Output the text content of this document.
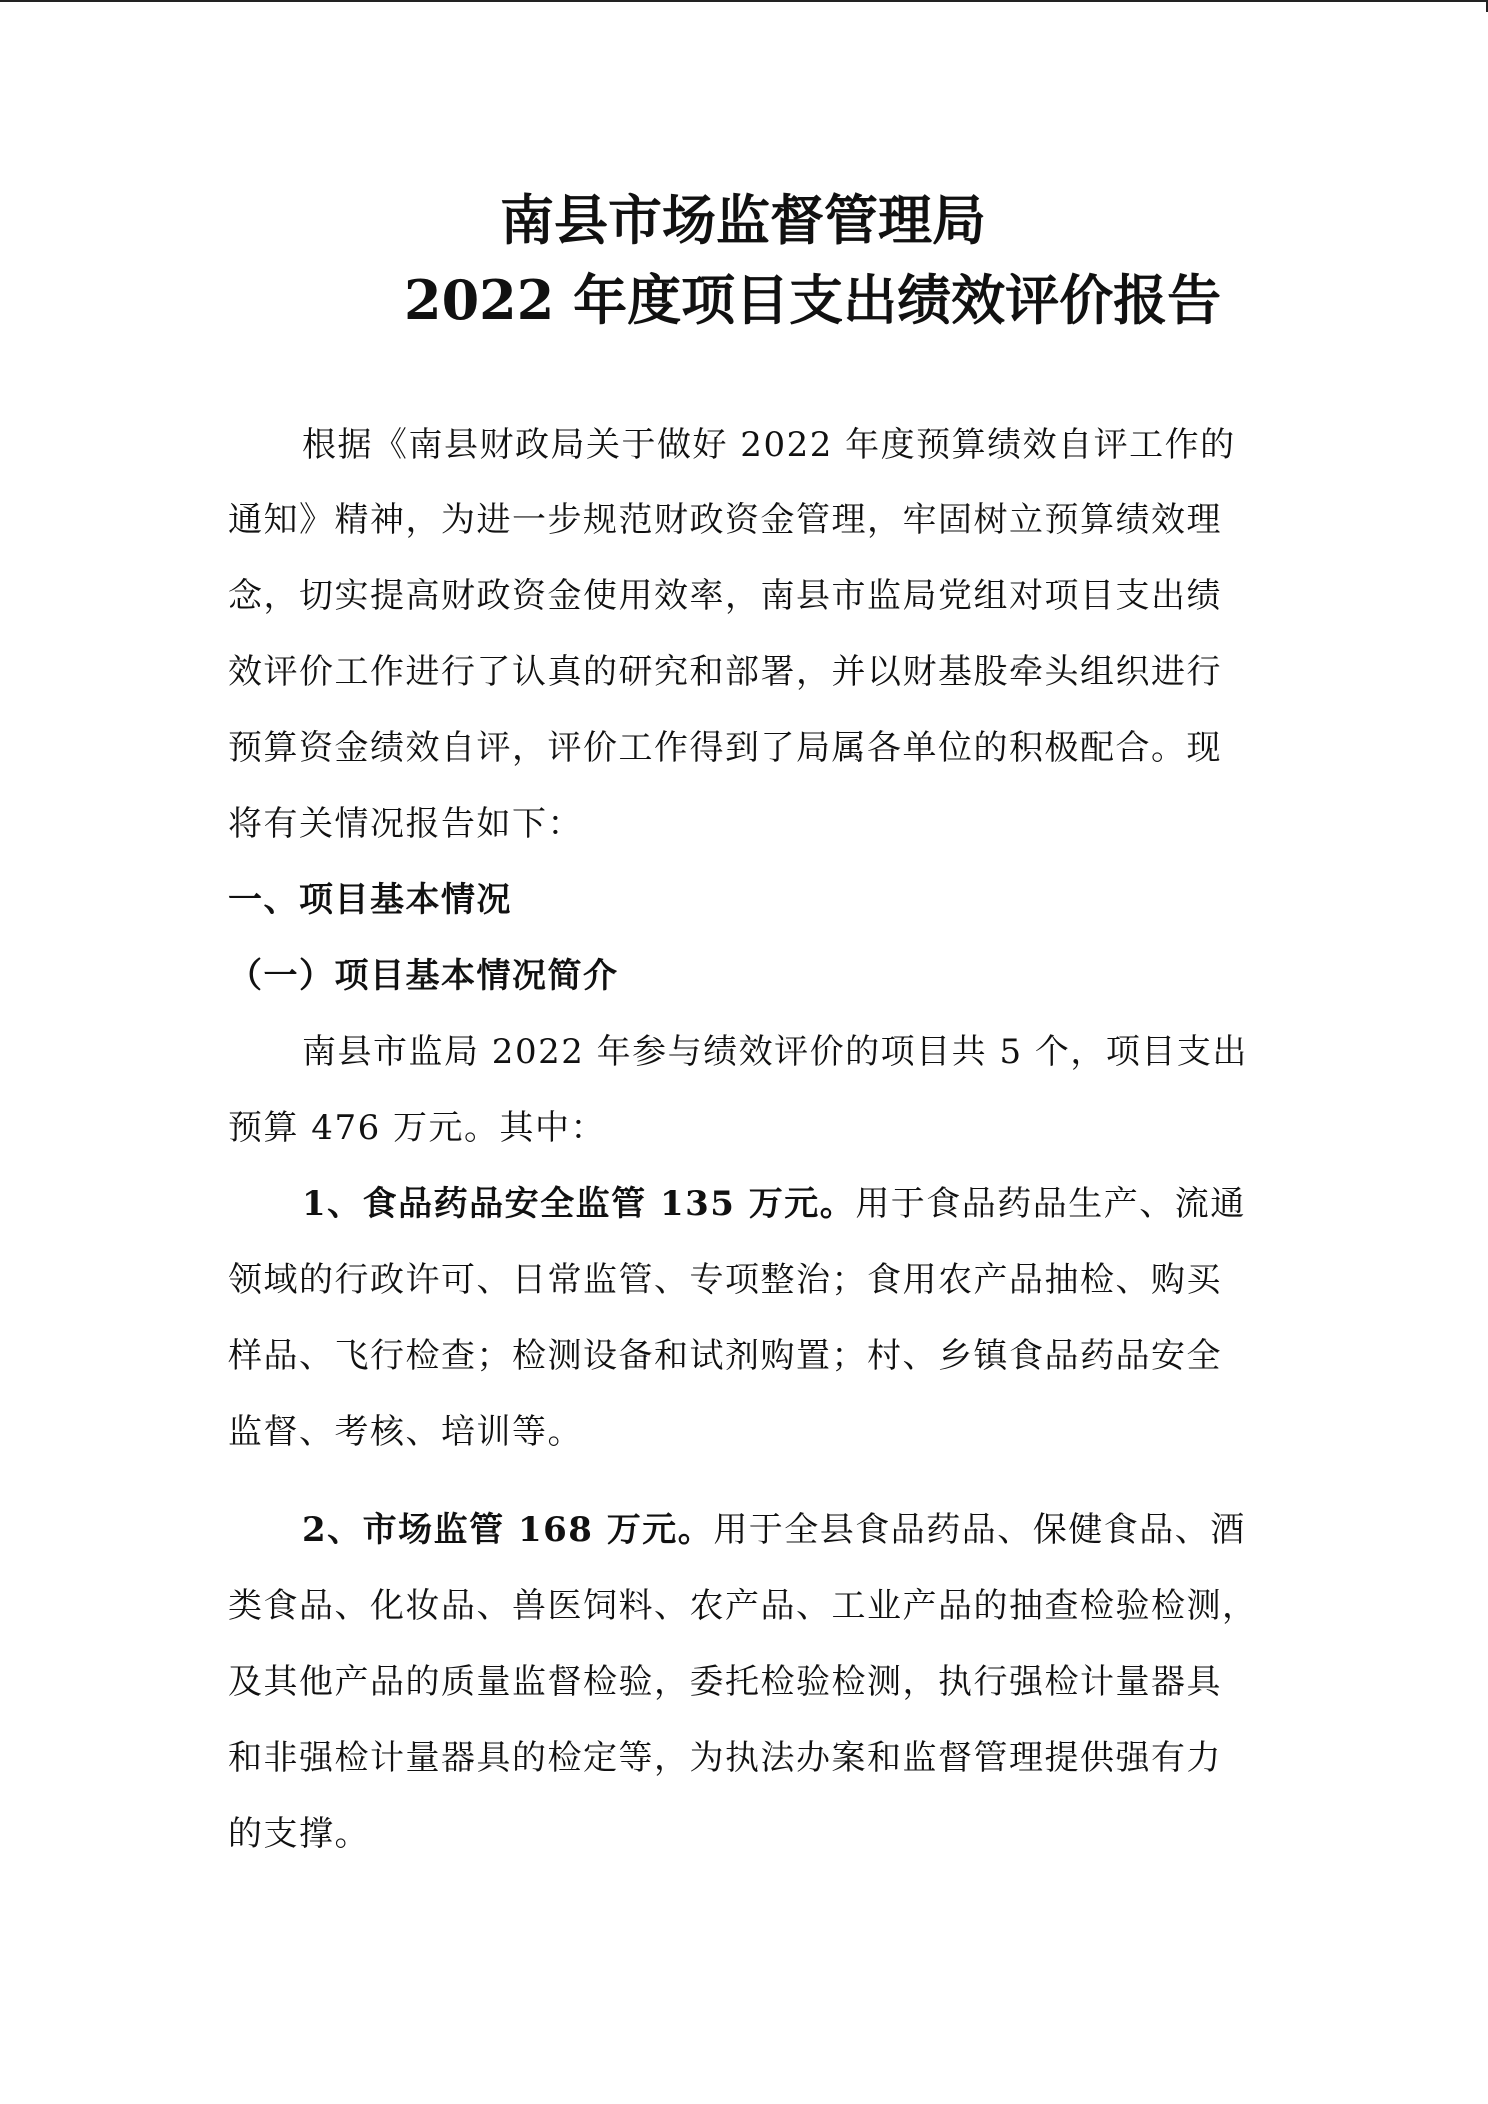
南县市场监督管理局
2022 年度项目支出绩效评价报告
根据《南县财政局关于做好 2022 年度预算绩效自评工作的
通知》精神，为进一步规范财政资金管理，牢固树立预算绩效理
念，切实提高财政资金使用效率，南县市监局党组对项目支出绩
效评价工作进行了认真的研究和部署，并以财基股牵头组织进行
预算资金绩效自评，评价工作得到了局属各单位的积极配合。现
将有关情况报告如下：
一、项目基本情况
（一）项目基本情况简介
南县市监局 2022 年参与绩效评价的项目共 5 个，项目支出
预算 476 万元。其中：
1、食品药品安全监管 135 万元。用于食品药品生产、流通
领域的行政许可、日常监管、专项整治；食用农产品抽检、购买
样品、飞行检查；检测设备和试剂购置；村、乡镇食品药品安全
监督、考核、培训等。
2、市场监管 168 万元。用于全县食品药品、保健食品、酒
类食品、化妆品、兽医饲料、农产品、工业产品的抽查检验检测，
及其他产品的质量监督检验，委托检验检测，执行强检计量器具
和非强检计量器具的检定等，为执法办案和监督管理提供强有力
的支撑。
